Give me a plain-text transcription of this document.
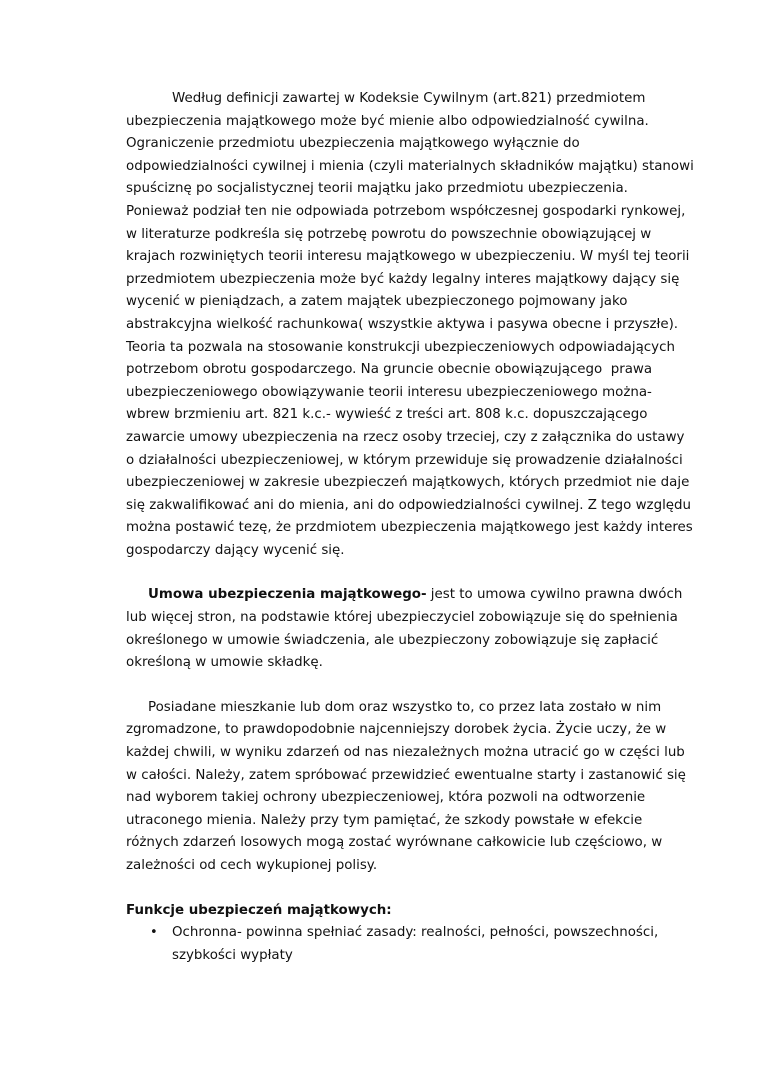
Według definicji zawartej w Kodeksie Cywilnym (art.821) przedmiotem
ubezpieczenia majątkowego może być mienie albo odpowiedzialność cywilna.
Ograniczenie przedmiotu ubezpieczenia majątkowego wyłącznie do
odpowiedzialności cywilnej i mienia (czyli materialnych składników majątku) stanowi
spuściznę po socjalistycznej teorii majątku jako przedmiotu ubezpieczenia.
Ponieważ podział ten nie odpowiada potrzebom współczesnej gospodarki rynkowej,
w literaturze podkreśla się potrzebę powrotu do powszechnie obowiązującej w
krajach rozwiniętych teorii interesu majątkowego w ubezpieczeniu. W myśl tej teorii
przedmiotem ubezpieczenia może być każdy legalny interes majątkowy dający się
wycenić w pieniądzach, a zatem majątek ubezpieczonego pojmowany jako
abstrakcyjna wielkość rachunkowa( wszystkie aktywa i pasywa obecne i przyszłe).
Teoria ta pozwala na stosowanie konstrukcji ubezpieczeniowych odpowiadających
potrzebom obrotu gospodarczego. Na gruncie obecnie obowiązującego  prawa
ubezpieczeniowego obowiązywanie teorii interesu ubezpieczeniowego można-
wbrew brzmieniu art. 821 k.c.- wywieść z treści art. 808 k.c. dopuszczającego
zawarcie umowy ubezpieczenia na rzecz osoby trzeciej, czy z załącznika do ustawy
o działalności ubezpieczeniowej, w którym przewiduje się prowadzenie działalności
ubezpieczeniowej w zakresie ubezpieczeń majątkowych, których przedmiot nie daje
się zakwalifikować ani do mienia, ani do odpowiedzialności cywilnej. Z tego względu
można postawić tezę, że przdmiotem ubezpieczenia majątkowego jest każdy interes
gospodarczy dający wycenić się.
Umowa ubezpieczenia majątkowego- jest to umowa cywilno prawna dwóch
lub więcej stron, na podstawie której ubezpieczyciel zobowiązuje się do spełnienia
określonego w umowie świadczenia, ale ubezpieczony zobowiązuje się zapłacić
określoną w umowie składkę.
Posiadane mieszkanie lub dom oraz wszystko to, co przez lata zostało w nim
zgromadzone, to prawdopodobnie najcenniejszy dorobek życia. Życie uczy, że w
każdej chwili, w wyniku zdarzeń od nas niezależnych można utracić go w części lub
w całości. Należy, zatem spróbować przewidzieć ewentualne starty i zastanowić się
nad wyborem takiej ochrony ubezpieczeniowej, która pozwoli na odtworzenie
utraconego mienia. Należy przy tym pamiętać, że szkody powstałe w efekcie
różnych zdarzeń losowych mogą zostać wyrównane całkowicie lub częściowo, w
zależności od cech wykupionej polisy.
Funkcje ubezpieczeń majątkowych:
• Ochronna- powinna spełniać zasady: realności, pełności, powszechności,
szybkości wypłaty
